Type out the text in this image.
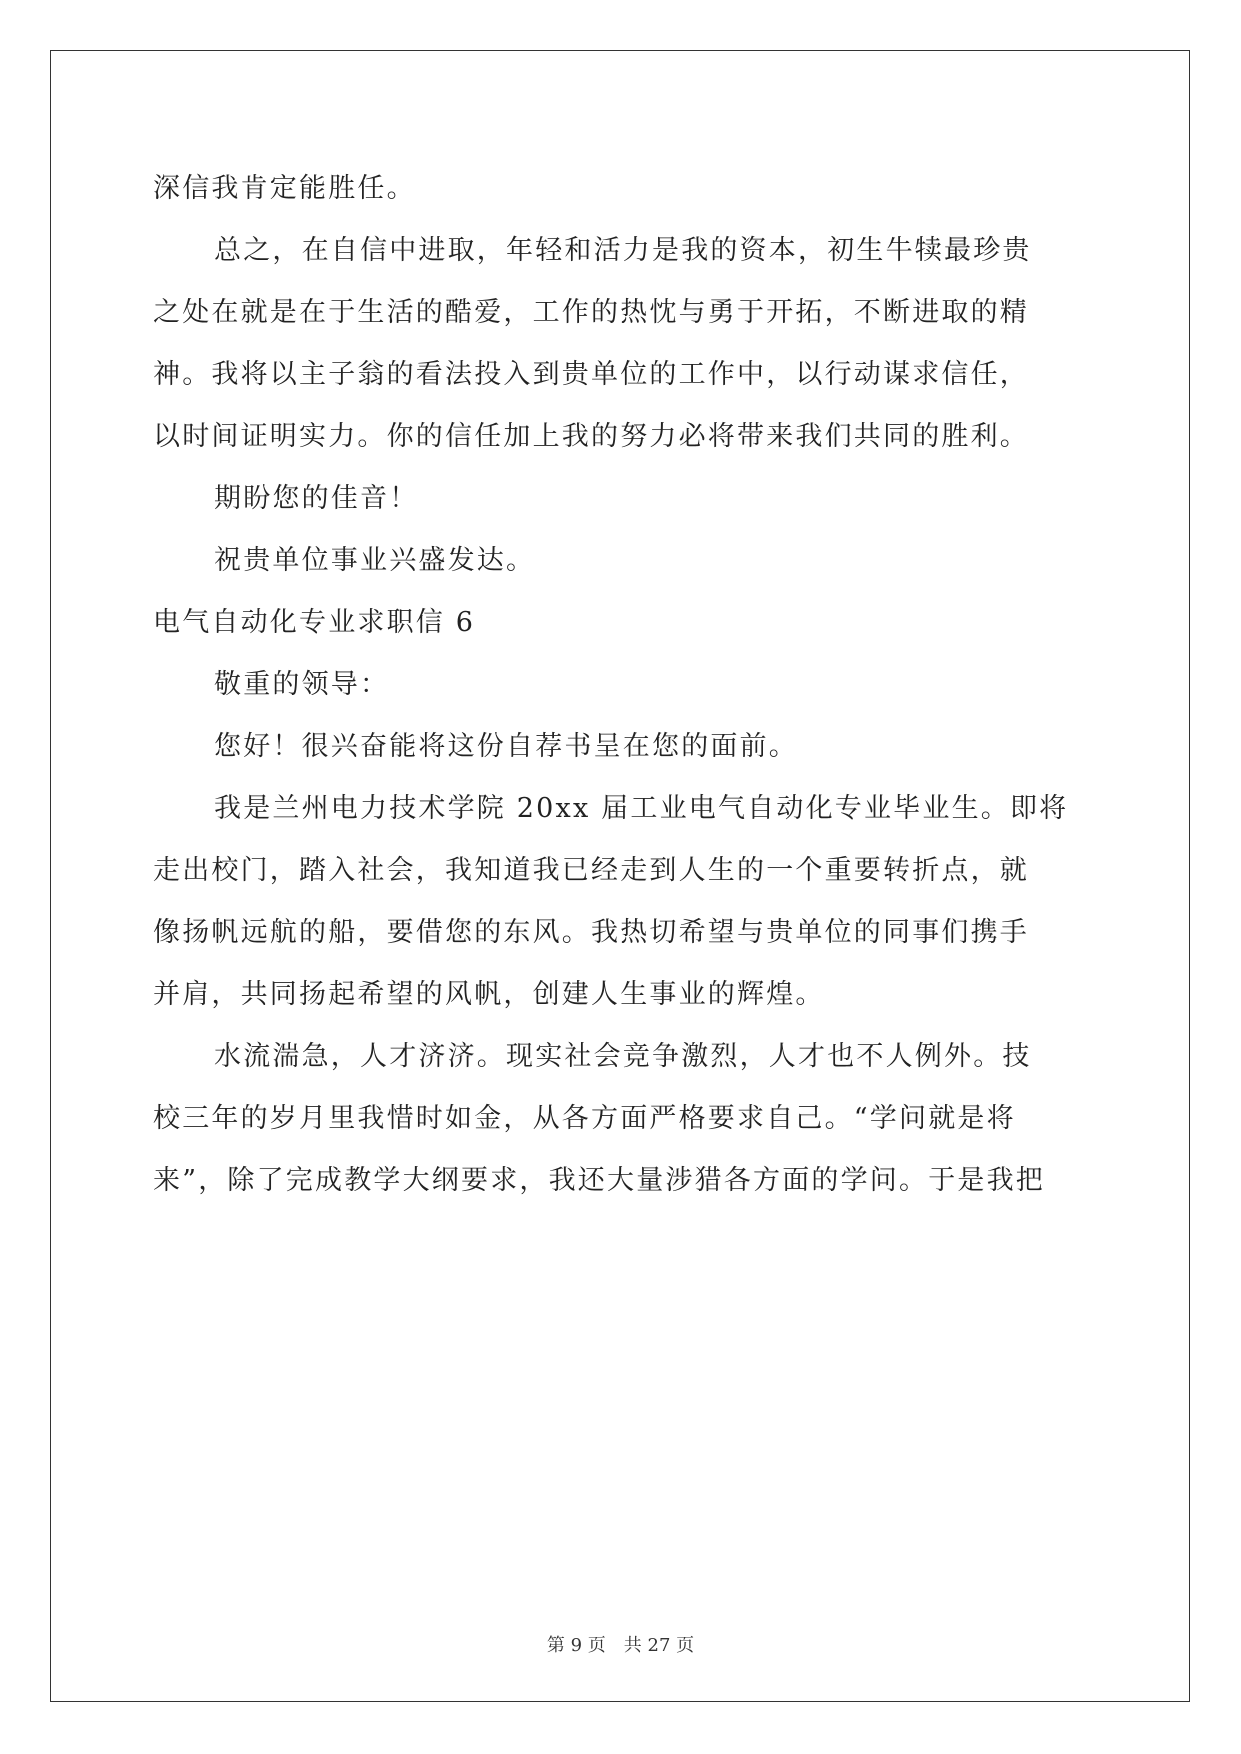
深信我肯定能胜任。

总之，在自信中进取，年轻和活力是我的资本，初生牛犊最珍贵

之处在就是在于生活的酷爱，工作的热忱与勇于开拓，不断进取的精

神。我将以主子翁的看法投入到贵单位的工作中，以行动谋求信任，

以时间证明实力。你的信任加上我的努力必将带来我们共同的胜利。

期盼您的佳音！

祝贵单位事业兴盛发达。

电气自动化专业求职信 6

敬重的领导：

您好！很兴奋能将这份自荐书呈在您的面前。

我是兰州电力技术学院 20xx 届工业电气自动化专业毕业生。即将

走出校门，踏入社会，我知道我已经走到人生的一个重要转折点，就

像扬帆远航的船，要借您的东风。我热切希望与贵单位的同事们携手

并肩，共同扬起希望的风帆，创建人生事业的辉煌。

水流湍急，人才济济。现实社会竞争激烈，人才也不人例外。技

校三年的岁月里我惜时如金，从各方面严格要求自己。“学问就是将

来”，除了完成教学大纲要求，我还大量涉猎各方面的学问。于是我把

第 9 页 共 27 页
